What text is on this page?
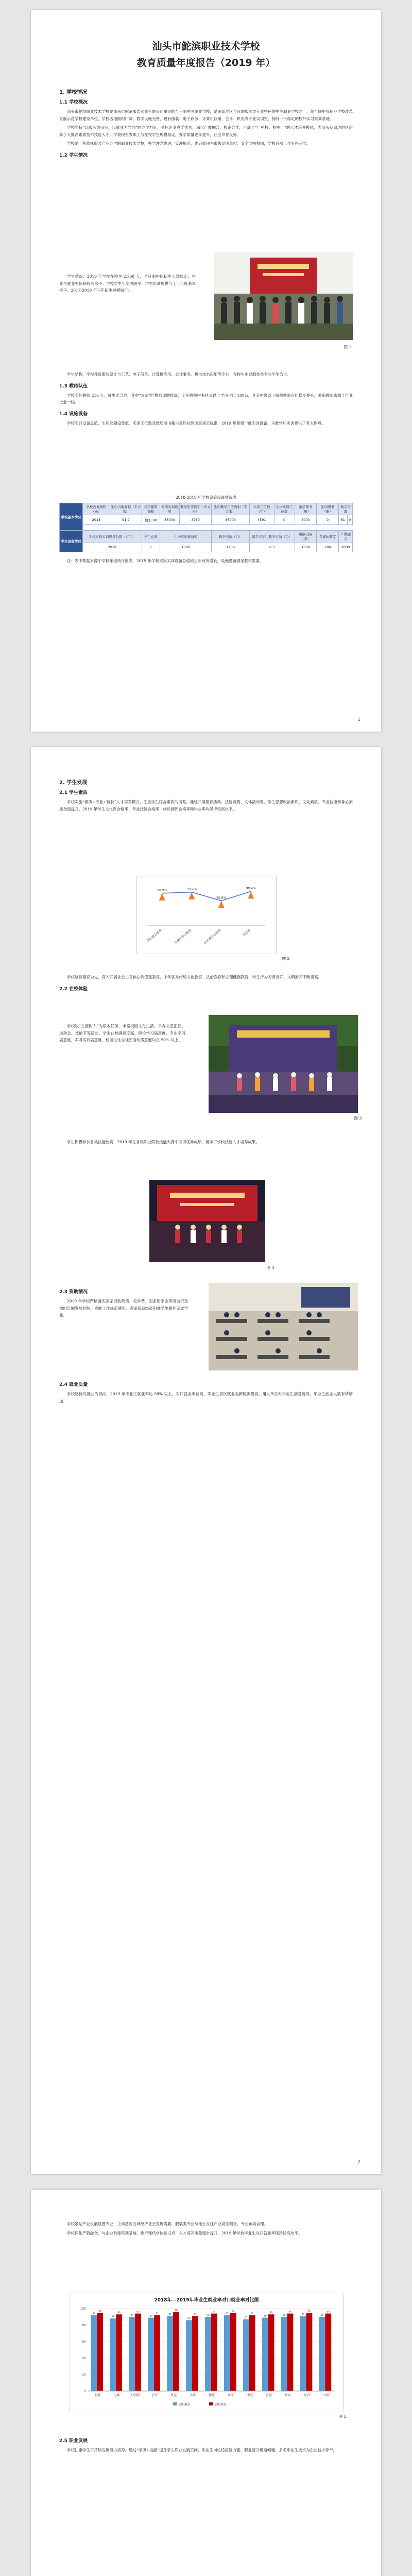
汕头市鮀滨职业技术学校
教育质量年度报告（2019 年）

1. 学校情况

1.1 学校概况

汕头市鮀滨职业技术学校是汕头市鮀滨服装实业有限公司举办的全日制中等职业学校，是潮汕地区全日制服装类专业特色的中等职业学校之一，是全国中等职业学校改革发展示范学校建设单位，学校占地面积广阔，教学设施完善，建有服装、电子商务、计算机应用、会计、机电等专业实训室，拥有一批稳定的校外实习实训基地。

学校坚持“以服务为宗旨，以就业为导向”的办学方针，依托企业办学优势，深化产教融合、校企合作，形成了“厂中校、校中厂”的人才培养模式，为汕头及周边地区培养了大批高素质技术技能人才。学校现有教职工与在校学生规模稳定，办学质量逐年提升，社会声誉良好。

学校是一所依托服装产业办学的职业技术学校，办学理念先进，管理规范，先后被评为市级文明单位、安全文明校园，学校各项工作有序开展。

1.2 学生情况

学生情况：2019 年学校在校生 2,758 人，全日制中职招生人数稳定，毕业生就业率保持较高水平。学校学生年度巩固率、学生培训规模与上一年度基本持平，2017-2019 年三年招生规模如下：

图 1

学生结构：学校开设服装设计与工艺、电子商务、计算机应用、会计事务、机电技术应用等专业，在校生中以服装类专业学生为主。

1.3 教师队伍

学校专任教师 216 人，师生比合理，其中“双师型”教师比例较高，专任教师中本科及以上学历占比 100%，具有中级以上职称教师占比稳步提升，兼职教师来源于行业企业一线。

1.4 设施设备

学校实训设备总值、生均仪器设备值、实训工位数及纸质图书藏书量均达到国家规定标准，2019 年新增一批实训设备，为教学和实训提供了有力保障。

2018-2019 年学校设施设备情况表

学校基本情况	学校占地面积（亩）	生均占地面积（平方米）	校舍建筑面积	专用实训场所	教学用房面积（平方米）	生均教学用房面积（平方米）	实训工位数（个）	生均实训工位数	纸质图书（册）	生均图书（册）	数字资源	
	2018	91.9	增加 90	36000	3780	36000	4591	0	4000	0	61	0

学生设备情况	学校实验实训设备总值（万元）		学生总数	生均实训设备值		教学电脑（台）	每百名学生教学电脑（台）		电脑设备（套）	多媒体教室	产教融合	
	2019		1	1000		1700	0.3		1000	180	2000	

注：表中数据来源于学校年度统计报表，2019 年学校实验实训设备总值较上年有所增长，设施设备满足教学需要。

1

2. 学生发展

2.1 学生素质

学校实施“素质+专业+特长”人才培养模式，注重学生综合素质的培养，通过开展德育活动、技能竞赛、文体活动等，学生思想政治素质、文化素质、专业技能和身心素质全面提升。2019 年学生文化课合格率、专业技能合格率、体质测评合格率和毕业率均保持较高水平。

98.9%
文化课合格率
99.2%
专业技能合格率
96.8%
体质测评合格率
99.4%
毕业率

图 2

学校坚持德育为先，深入开展社会主义核心价值观教育、中华优秀传统文化教育、法治教育和心理健康教育，学生行为习惯良好，文明素养不断提高。

2.2 在校体验

学校以“立德树人”为根本任务，丰富校园文化生活，举办文艺汇演、运动会、技能节等活动，学生在校满意度高，理论学习满意度、专业学习满意度、实习实训满意度、校园文化与社团活动满意度均在 90% 以上。

图 3

学生积极参加各类技能比赛，2019 年在各级职业院校技能大赛中取得优异成绩，展示了学校技能人才培养成果。

图 4

2.3 资助情况

2019 年学校严格落实国家资助政策，免学费、国家助学金等资助资金按时足额发放到位，资助工作规范透明，确保家庭经济困难学生顺利完成学业。

2.4 就业质量

学校坚持以就业为导向，2019 年毕业生就业率达 98% 以上，对口就业率较高，毕业生初次就业起薪稳步提高，用人单位对毕业生满意度高，毕业生创业人数有所增加。

2

学校紧贴产业发展设置专业，主动适应区域经济社会发展需要，服装类专业与地方支柱产业高度契合，专业布局合理。

学校深化产教融合，与企业共建实训基地，推行现代学徒制试点，人才培养质量稳步提升，2019 年学校毕业生对口就业率保持较高水平。

2018年—2019年毕业生就业率对口就业率对比图
0
20
40
60
80
100
92
88
90	89
91
86
90
92
87
89	90	91	90
95
93	94
92
96
91
94	95
92	93	94	95	94
服装	电商	计算机	会计	机电	美术	物流	商务	动漫	旅游	酒店	综合	平均
2018年	2019年

图 5

2.5 职业发展

学校注重学生可持续发展能力培养，通过“学历+技能”提升学生职业发展空间，毕业生岗位适应能力强，职业晋升通道畅通，多名毕业生成长为企业技术骨干。
